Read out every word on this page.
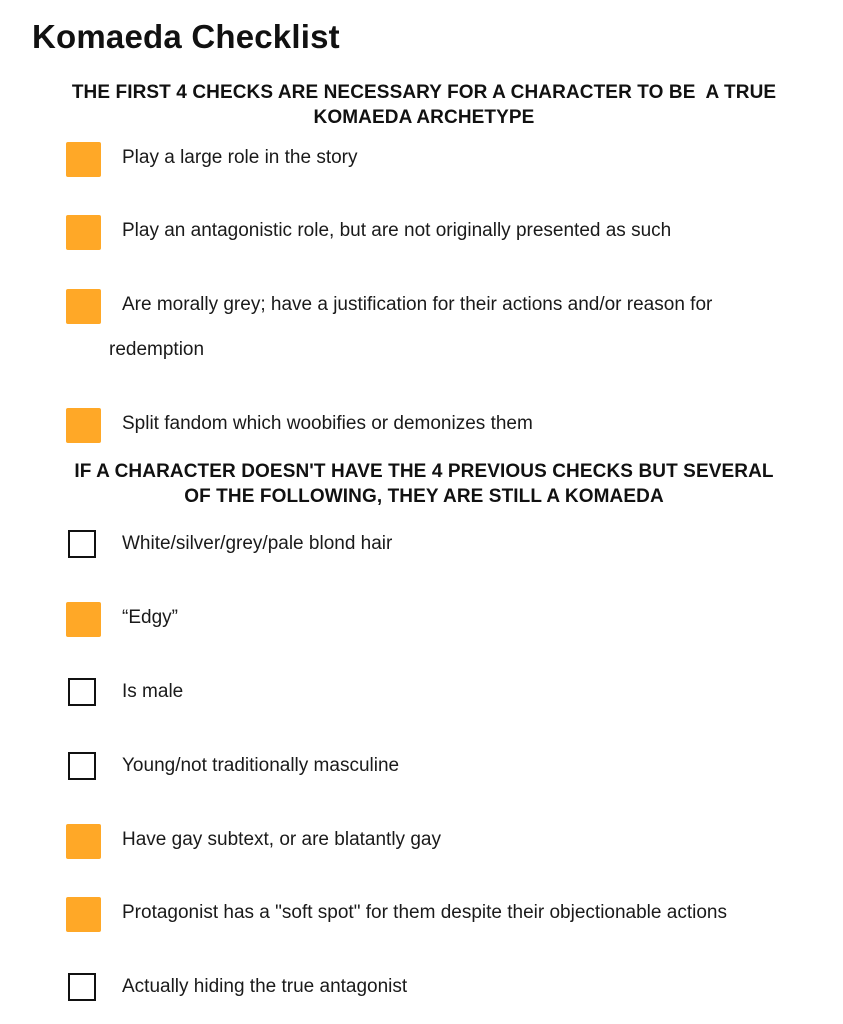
Komaeda Checklist
THE FIRST 4 CHECKS ARE NECESSARY FOR A CHARACTER TO BE  A TRUE
KOMAEDA ARCHETYPE
Play a large role in the story
Play an antagonistic role, but are not originally presented as such
Are morally grey; have a justification for their actions and/or reason for
redemption
Split fandom which woobifies or demonizes them
IF A CHARACTER DOESN'T HAVE THE 4 PREVIOUS CHECKS BUT SEVERAL
OF THE FOLLOWING, THEY ARE STILL A KOMAEDA
White/silver/grey/pale blond hair
“Edgy”
Is male
Young/not traditionally masculine
Have gay subtext, or are blatantly gay
Protagonist has a "soft spot" for them despite their objectionable actions
Actually hiding the true antagonist
